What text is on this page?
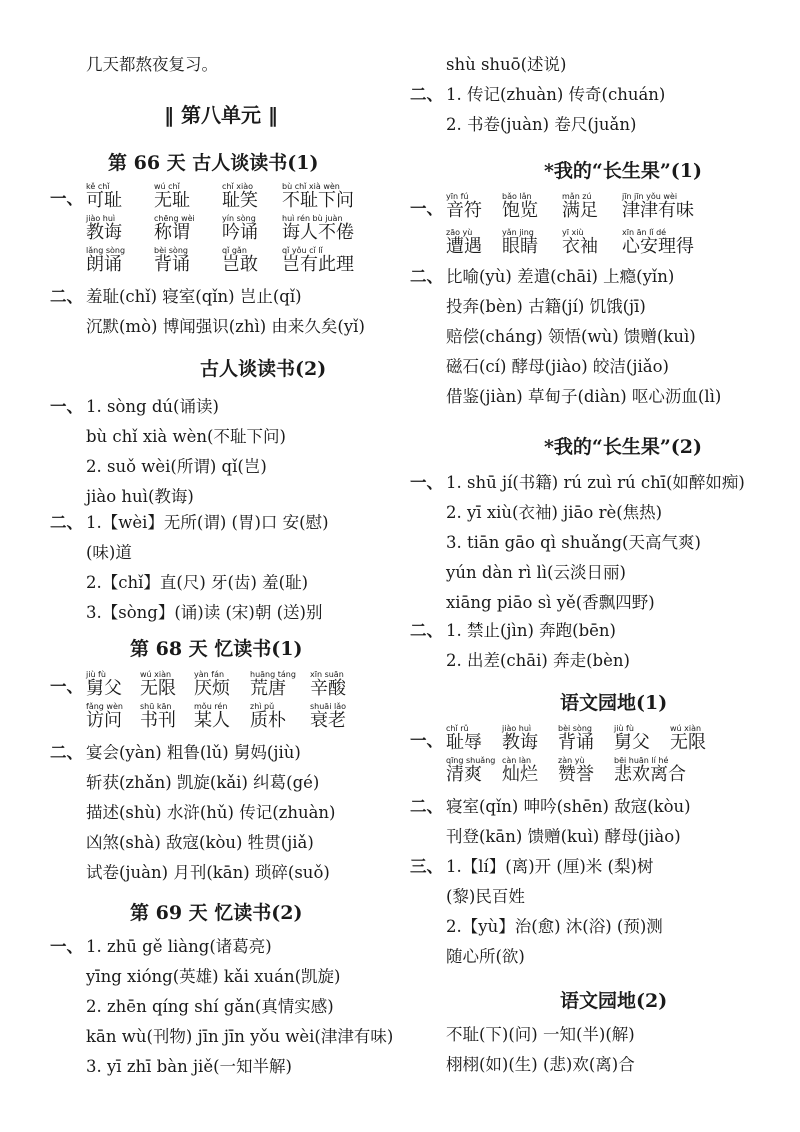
几天都熬夜复习。
‖ 第八单元 ‖
第 66 天 古人谈读书(1)
一、
kě chǐ
可耻
wú chǐ
无耻
chǐ xiào
耻笑
bù chǐ xià wèn
不耻下问
jiào huì
教诲
chēng wèi
称谓
yín sòng
吟诵
huì rén bù juàn
诲人不倦
lǎng sòng
朗诵
bèi sòng
背诵
qǐ gǎn
岂敢
qǐ yǒu cǐ lǐ
岂有此理
二、 羞耻(chǐ) 寝室(qǐn) 岂止(qǐ)
沉默(mò) 博闻强识(zhì) 由来久矣(yǐ)
古人谈读书(2)
一、 1. sòng dú(诵读)
bù chǐ xià wèn(不耻下问)
2. suǒ wèi(所谓) qǐ(岂)
jiào huì(教诲)
二、 1.【wèi】无所(谓) (胃)口 安(慰)
(味)道
2.【chǐ】直(尺) 牙(齿) 羞(耻)
3.【sòng】(诵)读 (宋)朝 (送)别
第 68 天 忆读书(1)
一、
jiù fù
舅父
wú xiàn
无限
yàn fán
厌烦
huāng táng
荒唐
xīn suān
辛酸
fǎng wèn
访问
shū kān
书刊
mǒu rén
某人
zhì pǔ
质朴
shuāi lǎo
衰老
二、 宴会(yàn) 粗鲁(lǔ) 舅妈(jiù)
斩获(zhǎn) 凯旋(kǎi) 纠葛(gé)
描述(shù) 水浒(hǔ) 传记(zhuàn)
凶煞(shà) 敌寇(kòu) 牲贯(jiǎ)
试卷(juàn) 月刊(kān) 琐碎(suǒ)
第 69 天 忆读书(2)
一、 1. zhū gě liàng(诸葛亮)
yīng xióng(英雄) kǎi xuán(凯旋)
2. zhēn qíng shí gǎn(真情实感)
kān wù(刊物) jīn jīn yǒu wèi(津津有味)
3. yī zhī bàn jiě(一知半解)
shù shuō(述说)
二、 1. 传记(zhuàn) 传奇(chuán)
2. 书卷(juàn) 卷尺(juǎn)
*我的“长生果”(1)
一、
yīn fú
音符
bǎo lǎn
饱览
mǎn zú
满足
jīn jīn yǒu wèi
津津有味
zāo yù
遭遇
yǎn jing
眼睛
yī xiù
衣袖
xīn ān lǐ dé
心安理得
二、 比喻(yù) 差遣(chāi) 上瘾(yǐn)
投奔(bèn) 古籍(jí) 饥饿(jī)
赔偿(cháng) 领悟(wù) 馈赠(kuì)
磁石(cí) 酵母(jiào) 皎洁(jiǎo)
借鉴(jiàn) 草甸子(diàn) 呕心沥血(lì)
*我的“长生果”(2)
一、 1. shū jí(书籍) rú zuì rú chī(如醉如痴)
2. yī xiù(衣袖) jiāo rè(焦热)
3. tiān gāo qì shuǎng(天高气爽)
yún dàn rì lì(云淡日丽)
xiāng piāo sì yě(香飘四野)
二、 1. 禁止(jìn) 奔跑(bēn)
2. 出差(chāi) 奔走(bèn)
语文园地(1)
一、
chǐ rǔ
耻辱
jiào huì
教诲
bèi sòng
背诵
jiù fù
舅父
wú xiàn
无限
qīng shuǎng
清爽
càn làn
灿烂
zàn yù
赞誉
bēi huān lí hé
悲欢离合
二、 寝室(qǐn) 呻吟(shēn) 敌寇(kòu)
刊登(kān) 馈赠(kuì) 酵母(jiào)
三、 1.【lí】(离)开 (厘)米 (梨)树
(黎)民百姓
2.【yù】治(愈) 沐(浴) (预)测
随心所(欲)
语文园地(2)
不耻(下)(问) 一知(半)(解)
栩栩(如)(生) (悲)欢(离)合
